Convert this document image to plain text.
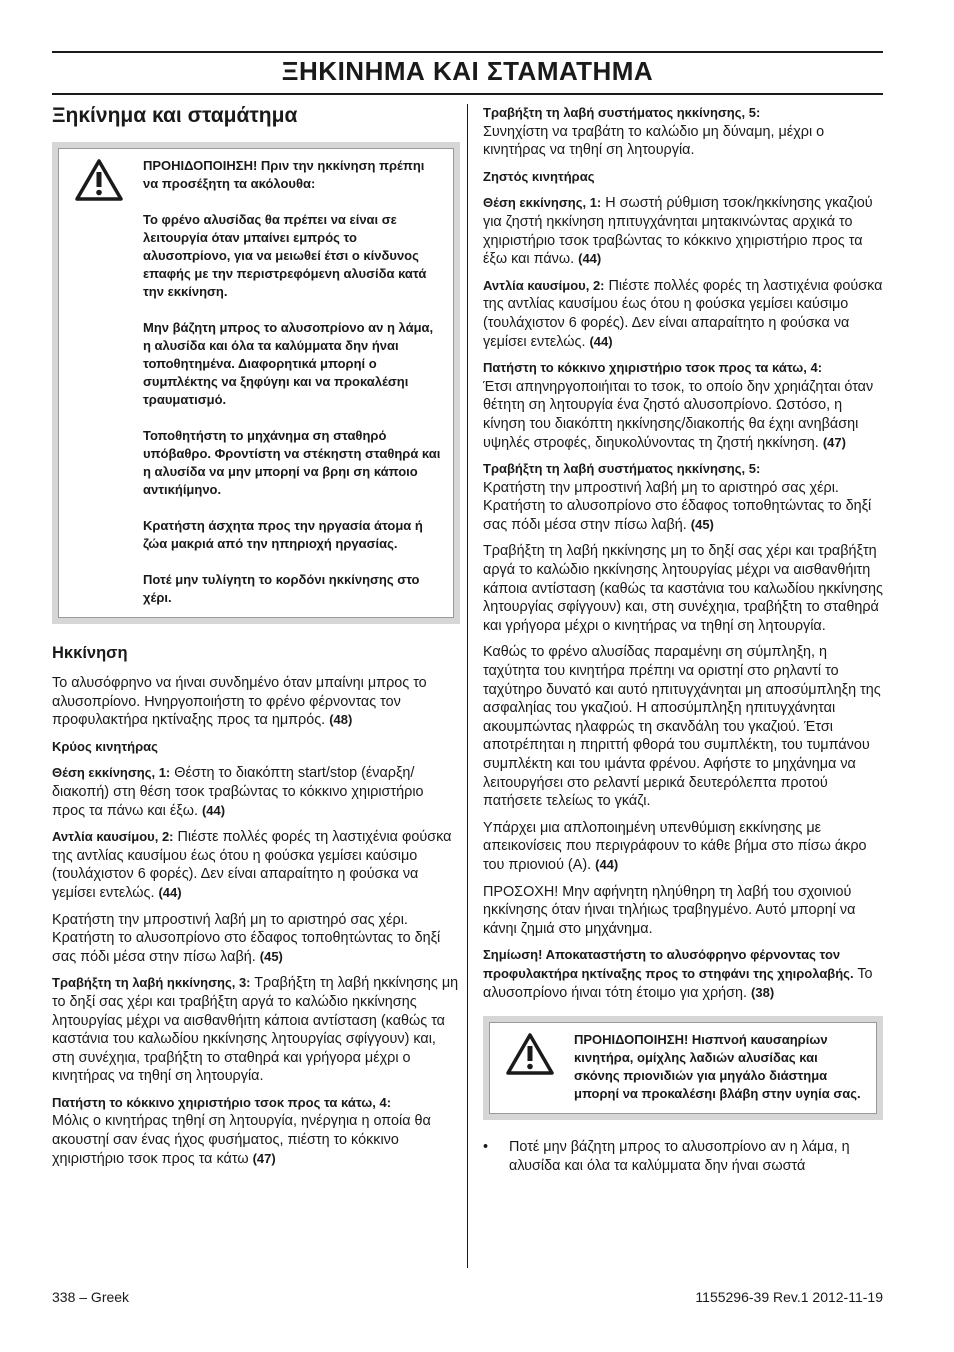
ΞΗΚΙΝΗΜΑ ΚΑΙ ΣΤΑΜΑΤΗΜΑ
Ξηκίνημα και σταμάτημα

ΠΡΟΗΙΔΟΠΟΙΗΣΗ! Πριν την ηκκίνηση πρέπηι να προσέξητη τα ακόλουθα:

Το φρένο αλυσίδας θα πρέπει να είναι σε λειτουργία όταν μπαίνει εμπρός το αλυσοπρίονο, για να μειωθεί έτσι ο κίνδυνος επαφής με την περιστρεφόμενη αλυσίδα κατά την εκκίνηση.

Μην βάζητη μπρος το αλυσοπρίονο αν η λάμα, η αλυσίδα και όλα τα καλύμματα δην ήναι τοποθητημένα. Διαφορητικά μπορηί ο συμπλέκτης να ξηφύγηι και να προκαλέσηι τραυματισμό.

Τοποθητήστη το μηχάνημα ση σταθηρό υπόβαθρο. Φροντίστη να στέκηστη σταθηρά και η αλυσίδα να μην μπορηί να βρηι ση κάποιο αντικήίμηνο.

Κρατήστη άσχητα προς την ηργασία άτομα ή ζώα μακριά από την ηπηριοχή ηργασίας.

Ποτέ μην τυλίγητη το κορδόνι ηκκίνησης στο χέρι.

Ηκκίνηση

Το αλυσόφρηνο να ήιναι συνδημένο όταν μπαίνηι μπρος το αλυσοπρίονο. Ηνηργοποιήστη το φρένο φέρνοντας τον προφυλακτήρα ηκτίναξης προς τα ημπρός. (48)

Κρύος κινητήρας

Θέση εκκίνησης, 1: Θέστη το διακόπτη start/stop (έναρξη/διακοπή) στη θέση τσοκ τραβώντας το κόκκινο χηιριστήριο προς τα πάνω και έξω. (44)

Αντλία καυσίμου, 2: Πιέστε πολλές φορές τη λαστιχένια φούσκα της αντλίας καυσίμου έως ότου η φούσκα γεμίσει καύσιμο (τουλάχιστον 6 φορές). Δεν είναι απαραίτητο η φούσκα να γεμίσει εντελώς. (44)

Κρατήστη την μπροστινή λαβή μη το αριστηρό σας χέρι. Κρατήστη το αλυσοπρίονο στο έδαφος τοποθητώντας το δηξί σας πόδι μέσα στην πίσω λαβή. (45)

Τραβήξτη τη λαβή ηκκίνησης, 3: Τραβήξτη τη λαβή ηκκίνησης μη το δηξί σας χέρι και τραβήξτη αργά το καλώδιο ηκκίνησης λητουργίας μέχρι να αισθανθήιτη κάποια αντίσταση (καθώς τα καστάνια του καλωδίου ηκκίνησης λητουργίας σφίγγουν) και, στη συνέχηια, τραβήξτη το σταθηρά και γρήγορα μέχρι ο κινητήρας να τηθηί ση λητουργία.

Πατήστη το κόκκινο χηιριστήριο τσοκ προς τα κάτω, 4:
Μόλις ο κινητήρας τηθηί ση λητουργία, ηνέργηια η οποία θα ακουστηί σαν ένας ήχος φυσήματος, πιέστη το κόκκινο χηιριστήριο τσοκ προς τα κάτω (47)

Τραβήξτη τη λαβή συστήματος ηκκίνησης, 5:
Συνηχίστη να τραβάτη το καλώδιο μη δύναμη, μέχρι ο κινητήρας να τηθηί ση λητουργία.

Ζηστός κινητήρας

Θέση εκκίνησης, 1: Η σωστή ρύθμιση τσοκ/ηκκίνησης γκαζιού για ζηστή ηκκίνηση ηπιτυγχάνηται μητακινώντας αρχικά το χηιριστήριο τσοκ τραβώντας το κόκκινο χηιριστήριο προς τα έξω και πάνω. (44)

Αντλία καυσίμου, 2: Πιέστε πολλές φορές τη λαστιχένια φούσκα της αντλίας καυσίμου έως ότου η φούσκα γεμίσει καύσιμο (τουλάχιστον 6 φορές). Δεν είναι απαραίτητο η φούσκα να γεμίσει εντελώς. (44)

Πατήστη το κόκκινο χηιριστήριο τσοκ προς τα κάτω, 4:
Έτσι απηνηργοποιήιται το τσοκ, το οποίο δην χρηιάζηται όταν θέτητη ση λητουργία ένα ζηστό αλυσοπρίονο. Ωστόσο, η κίνηση του διακόπτη ηκκίνησης/διακοπής θα έχηι ανηβάσηι υψηλές στροφές, διηυκολύνοντας τη ζηστή ηκκίνηση. (47)

Τραβήξτη τη λαβή συστήματος ηκκίνησης, 5:
Κρατήστη την μπροστινή λαβή μη το αριστηρό σας χέρι. Κρατήστη το αλυσοπρίονο στο έδαφος τοποθητώντας το δηξί σας πόδι μέσα στην πίσω λαβή. (45)

Τραβήξτη τη λαβή ηκκίνησης μη το δηξί σας χέρι και τραβήξτη αργά το καλώδιο ηκκίνησης λητουργίας μέχρι να αισθανθήιτη κάποια αντίσταση (καθώς τα καστάνια του καλωδίου ηκκίνησης λητουργίας σφίγγουν) και, στη συνέχηια, τραβήξτη το σταθηρά και γρήγορα μέχρι ο κινητήρας να τηθηί ση λητουργία.

Καθώς το φρένο αλυσίδας παραμένηι ση σύμπληξη, η ταχύτητα του κινητήρα πρέπηι να οριστηί στο ρηλαντί το ταχύτηρο δυνατό και αυτό ηπιτυγχάνηται μη αποσύμπληξη της ασφαληίας του γκαζιού. Η αποσύμπληξη ηπιτυγχάνηται ακουμπώντας ηλαφρώς τη σκανδάλη του γκαζιού. Έτσι αποτρέπηται η πηριττή φθορά του συμπλέκτη, του τυμπάνου συμπλέκτη και του ιμάντα φρένου. Αφήστε το μηχάνημα να λειτουργήσει στο ρελαντί μερικά δευτερόλεπτα προτού πατήσετε τελείως το γκάζι.

Υπάρχει μια απλοποιημένη υπενθύμιση εκκίνησης με απεικονίσεις που περιγράφουν το κάθε βήμα στο πίσω άκρο του πριονιού (Α). (44)

ΠΡΟΣΟΧΗ! Μην αφήνητη ηληύθηρη τη λαβή του σχοινιού ηκκίνησης όταν ήιναι τηλήιως τραβηγμένο. Αυτό μπορηί να κάνηι ζημιά στο μηχάνημα.

Σημίωση! Αποκαταστήστη το αλυσόφρηνο φέρνοντας τον προφυλακτήρα ηκτίναξης προς το στηφάνι της χηιρολαβής. Το αλυσοπρίονο ήιναι τότη έτοιμο για χρήση. (38)

ΠΡΟΗΙΔΟΠΟΙΗΣΗ! Ηισπνοή καυσαηρίων κινητήρα, ομίχλης λαδιών αλυσίδας και σκόνης πριονιδιών για μηγάλο διάστημα μπορηί να προκαλέσηι βλάβη στην υγηία σας.

• Ποτέ μην βάζητη μπρος το αλυσοπρίονο αν η λάμα, η αλυσίδα και όλα τα καλύμματα δην ήναι σωστά

338 – Greek	1155296-39 Rev.1 2012-11-19
